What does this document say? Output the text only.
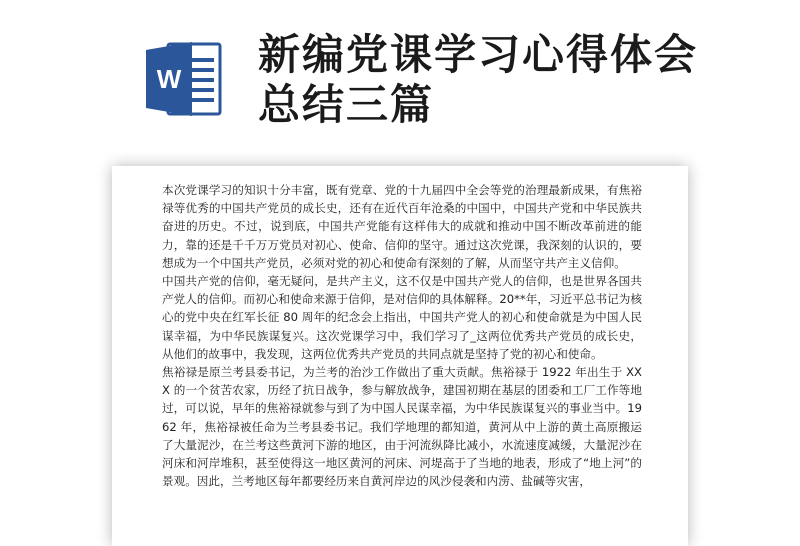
W 新编党课学习心得体会总结三篇

本次党课学习的知识十分丰富，既有党章、党的十九届四中全会等党的治理最新成果，有焦裕禄等优秀的中国共产党员的成长史，还有在近代百年沧桑的中国中，中国共产党和中华民族共奋进的历史。不过，说到底，中国共产党能有这样伟大的成就和推动中国不断改革前进的能力，靠的还是千千万万党员对初心、使命、信仰的坚守。通过这次党课，我深刻的认识的，要想成为一个中国共产党员，必须对党的初心和使命有深刻的了解，从而坚守共产主义信仰。

中国共产党的信仰，毫无疑问，是共产主义，这不仅是中国共产党人的信仰，也是世界各国共产党人的信仰。而初心和使命来源于信仰，是对信仰的具体解释。20**年，习近平总书记为核心的党中央在红军长征 80 周年的纪念会上指出，中国共产党人的初心和使命就是为中国人民谋幸福，为中华民族谋复兴。这次党课学习中，我们学习了_这两位优秀共产党员的成长史，从他们的故事中，我发现，这两位优秀共产党员的共同点就是坚持了党的初心和使命。

焦裕禄是原兰考县委书记，为兰考的治沙工作做出了重大贡献。焦裕禄于 1922 年出生于 XXX 的一个贫苦农家，历经了抗日战争，参与解放战争，建国初期在基层的团委和工厂工作等地过，可以说，早年的焦裕禄就参与到了为中国人民谋幸福，为中华民族谋复兴的事业当中。1962 年，焦裕禄被任命为兰考县委书记。我们学地理的都知道，黄河从中上游的黄土高原搬运了大量泥沙，在兰考这些黄河下游的地区，由于河流纵降比减小，水流速度减缓，大量泥沙在河床和河岸堆积，甚至使得这一地区黄河的河床、河堤高于了当地的地表，形成了“地上河”的景观。因此，兰考地区每年都要经历来自黄河岸边的风沙侵袭和内涝、盐碱等灾害，
